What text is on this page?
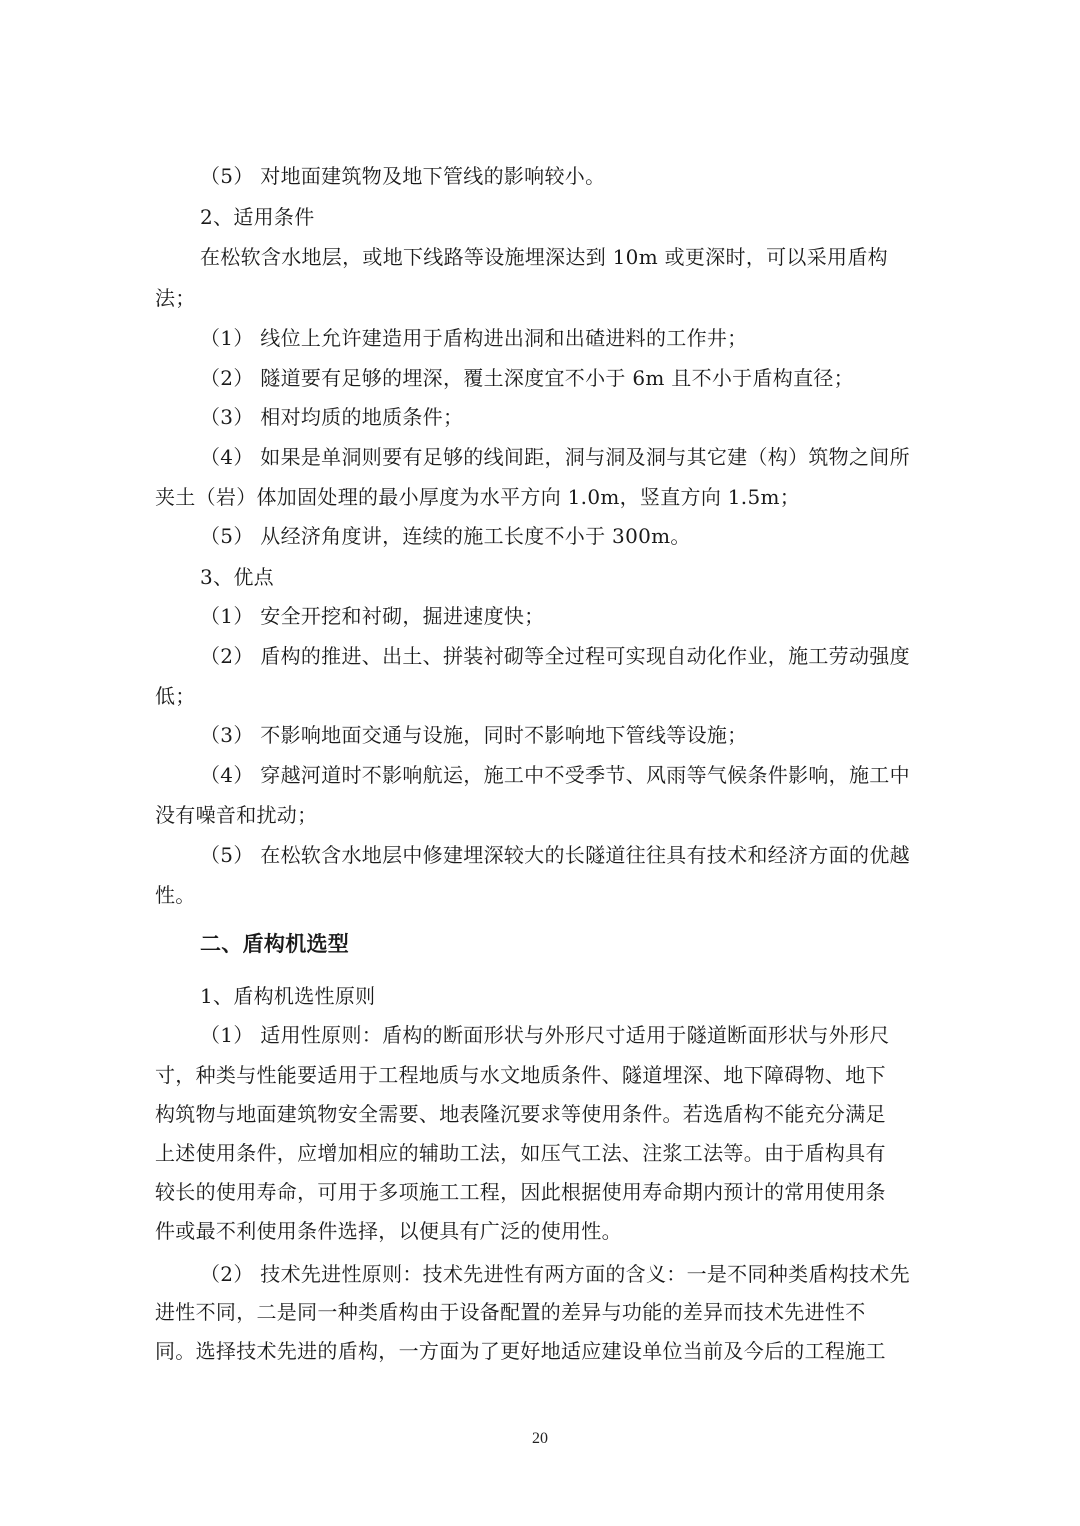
（5） 对地面建筑物及地下管线的影响较小。
2、适用条件
在松软含水地层，或地下线路等设施埋深达到 10m 或更深时，可以采用盾构
法；
（1） 线位上允许建造用于盾构进出洞和出碴进料的工作井；
（2） 隧道要有足够的埋深，覆土深度宜不小于 6m 且不小于盾构直径；
（3） 相对均质的地质条件；
（4） 如果是单洞则要有足够的线间距，洞与洞及洞与其它建（构）筑物之间所
夹土（岩）体加固处理的最小厚度为水平方向 1.0m，竖直方向 1.5m；
（5） 从经济角度讲，连续的施工长度不小于 300m。
3、优点
（1） 安全开挖和衬砌，掘进速度快；
（2） 盾构的推进、出土、拼装衬砌等全过程可实现自动化作业，施工劳动强度
低；
（3） 不影响地面交通与设施，同时不影响地下管线等设施；
（4） 穿越河道时不影响航运，施工中不受季节、风雨等气候条件影响，施工中
没有噪音和扰动；
（5） 在松软含水地层中修建埋深较大的长隧道往往具有技术和经济方面的优越
性。
二、盾构机选型
1、盾构机选性原则
（1） 适用性原则：盾构的断面形状与外形尺寸适用于隧道断面形状与外形尺
寸，种类与性能要适用于工程地质与水文地质条件、隧道埋深、地下障碍物、地下
构筑物与地面建筑物安全需要、地表隆沉要求等使用条件。若选盾构不能充分满足
上述使用条件，应增加相应的辅助工法，如压气工法、注浆工法等。由于盾构具有
较长的使用寿命，可用于多项施工工程，因此根据使用寿命期内预计的常用使用条
件或最不利使用条件选择，以便具有广泛的使用性。
（2） 技术先进性原则：技术先进性有两方面的含义：一是不同种类盾构技术先
进性不同，二是同一种类盾构由于设备配置的差异与功能的差异而技术先进性不
同。选择技术先进的盾构，一方面为了更好地适应建设单位当前及今后的工程施工
20
